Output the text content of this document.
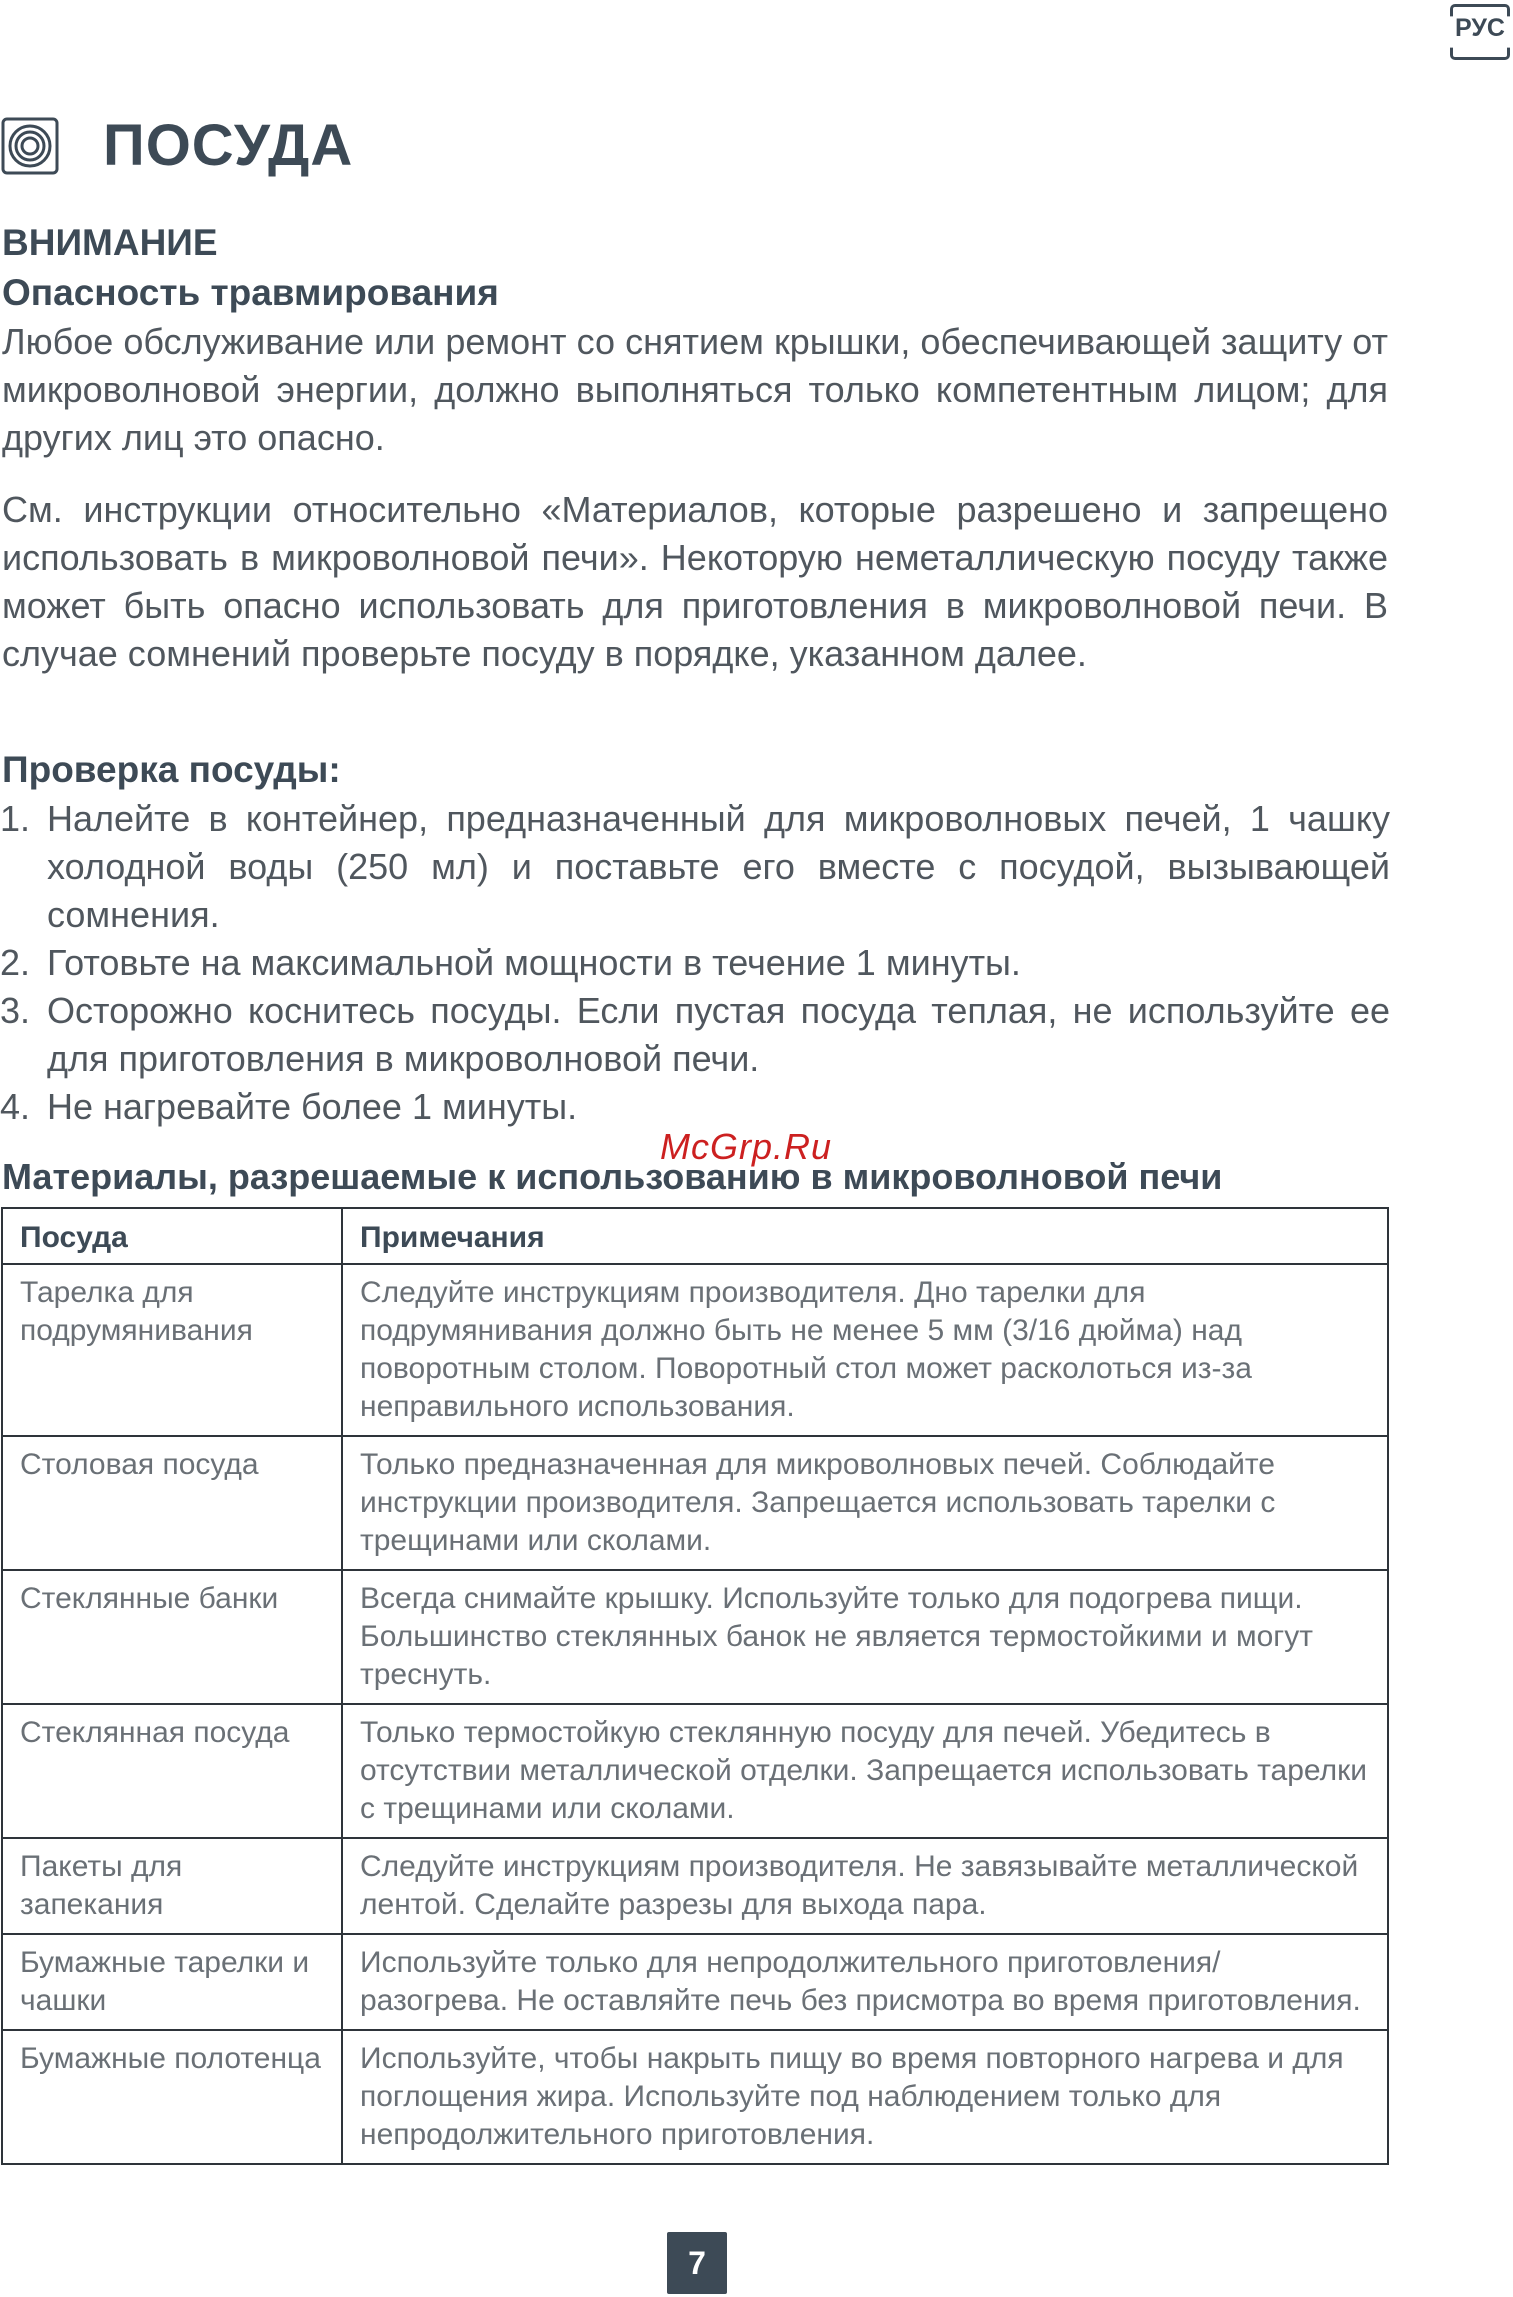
РУС
ПОСУДА
ВНИМАНИЕ
Опасность травмирования

Любое обслуживание или ремонт со снятием крышки, обеспечивающей защиту от микроволновой энергии, должно выполняться только компетентным лицом; для других лиц это опасно.

См. инструкции относительно «Материалов, которые разрешено и запрещено использовать в микроволновой печи». Некоторую неметаллическую посуду также может быть опасно использовать для приготовления в микроволновой печи. В случае сомнений проверьте посуду в порядке, указанном далее.

Проверка посуды:
1. Налейте в контейнер, предназначенный для микроволновых печей, 1 чашку холодной воды (250 мл) и поставьте его вместе с посудой, вызывающей сомнения.
2. Готовьте на максимальной мощности в течение 1 минуты.
3. Осторожно коснитесь посуды. Если пустая посуда теплая, не используйте ее для приготовления в микроволновой печи.
4. Не нагревайте более 1 минуты.

McGrp.Ru

Материалы, разрешаемые к использованию в микроволновой печи
Посуда	Примечания
Тарелка для подрумянивания	Следуйте инструкциям производителя. Дно тарелки для подрумянивания должно быть не менее 5 мм (3/16 дюйма) над поворотным столом. Поворотный стол может расколоться из-за неправильного использования.
Столовая посуда	Только предназначенная для микроволновых печей. Соблюдайте инструкции производителя. Запрещается использовать тарелки с трещинами или сколами.
Стеклянные банки	Всегда снимайте крышку. Используйте только для подогрева пищи. Большинство стеклянных банок не является термостойкими и могут треснуть.
Стеклянная посуда	Только термостойкую стеклянную посуду для печей. Убедитесь в отсутствии металлической отделки. Запрещается использовать тарелки с трещинами или сколами.
Пакеты для запекания	Следуйте инструкциям производителя. Не завязывайте металлической лентой. Сделайте разрезы для выхода пара.
Бумажные тарелки и чашки	Используйте только для непродолжительного приготовления/ разогрева. Не оставляйте печь без присмотра во время приготовления.
Бумажные полотенца	Используйте, чтобы накрыть пищу во время повторного нагрева и для поглощения жира. Используйте под наблюдением только для непродолжительного приготовления.
7
